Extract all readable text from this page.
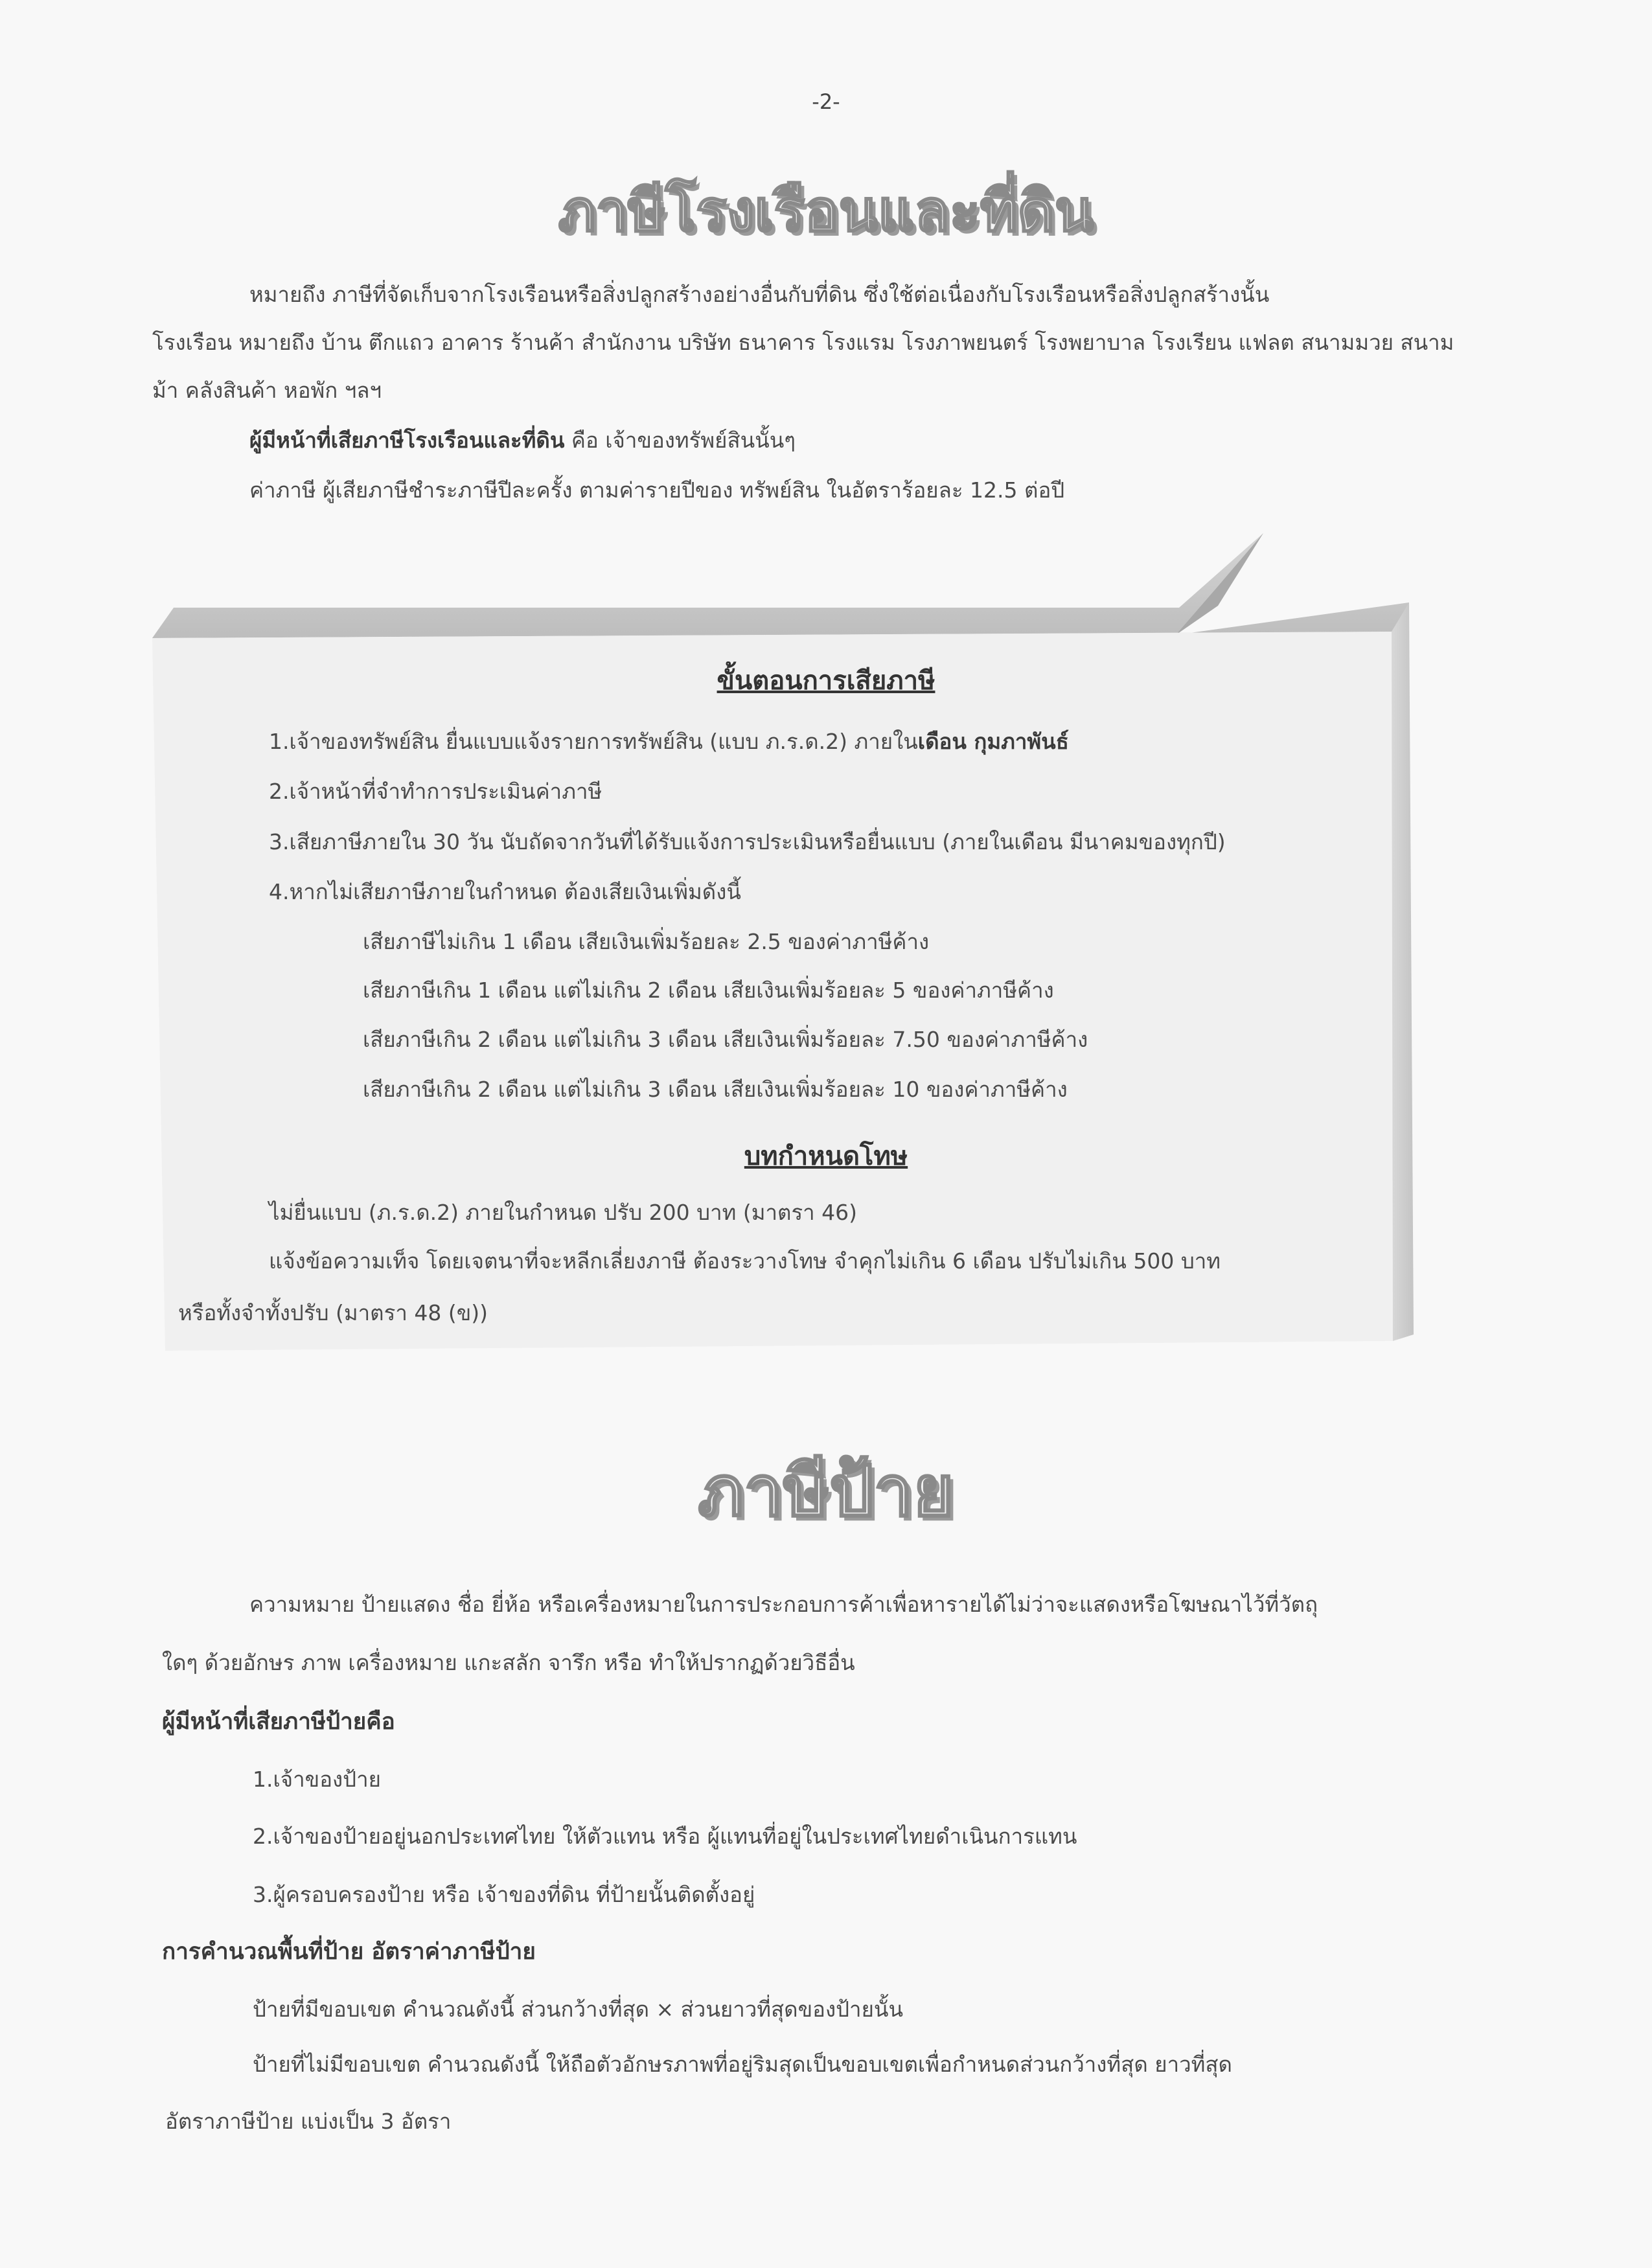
-2-
ภาษีโรงเรือนและที่ดิน
หมายถึง ภาษีที่จัดเก็บจากโรงเรือนหรือสิ่งปลูกสร้างอย่างอื่นกับที่ดิน ซึ่งใช้ต่อเนื่องกับโรงเรือนหรือสิ่งปลูกสร้างนั้น
โรงเรือน หมายถึง บ้าน ตึกแถว อาคาร ร้านค้า สำนักงาน บริษัท ธนาคาร โรงแรม โรงภาพยนตร์ โรงพยาบาล โรงเรียน แฟลต สนามมวย สนาม
ม้า คลังสินค้า หอพัก ฯลฯ
ผู้มีหน้าที่เสียภาษีโรงเรือนและที่ดิน คือ เจ้าของทรัพย์สินนั้นๆ
ค่าภาษี ผู้เสียภาษีชำระภาษีปีละครั้ง ตามค่ารายปีของ ทรัพย์สิน ในอัตราร้อยละ 12.5 ต่อปี
ขั้นตอนการเสียภาษี
1.เจ้าของทรัพย์สิน ยื่นแบบแจ้งรายการทรัพย์สิน (แบบ ภ.ร.ด.2) ภายในเดือน กุมภาพันธ์
2.เจ้าหน้าที่จำทำการประเมินค่าภาษี
3.เสียภาษีภายใน 30 วัน นับถัดจากวันที่ได้รับแจ้งการประเมินหรือยื่นแบบ (ภายในเดือน มีนาคมของทุกปี)
4.หากไม่เสียภาษีภายในกำหนด ต้องเสียเงินเพิ่มดังนี้
เสียภาษีไม่เกิน 1 เดือน เสียเงินเพิ่มร้อยละ 2.5 ของค่าภาษีค้าง
เสียภาษีเกิน 1 เดือน แต่ไม่เกิน 2 เดือน เสียเงินเพิ่มร้อยละ 5 ของค่าภาษีค้าง
เสียภาษีเกิน 2 เดือน แต่ไม่เกิน 3 เดือน เสียเงินเพิ่มร้อยละ 7.50 ของค่าภาษีค้าง
เสียภาษีเกิน 2 เดือน แต่ไม่เกิน 3 เดือน เสียเงินเพิ่มร้อยละ 10 ของค่าภาษีค้าง
บทกำหนดโทษ
ไม่ยื่นแบบ (ภ.ร.ด.2) ภายในกำหนด ปรับ 200 บาท (มาตรา 46)
แจ้งข้อความเท็จ โดยเจตนาที่จะหลีกเลี่ยงภาษี ต้องระวางโทษ จำคุกไม่เกิน 6 เดือน ปรับไม่เกิน 500 บาท
หรือทั้งจำทั้งปรับ (มาตรา 48 (ข))
ภาษีป้าย
ความหมาย ป้ายแสดง ชื่อ ยี่ห้อ หรือเครื่องหมายในการประกอบการค้าเพื่อหารายได้ไม่ว่าจะแสดงหรือโฆษณาไว้ที่วัตถุ
ใดๆ ด้วยอักษร ภาพ เครื่องหมาย แกะสลัก จารึก หรือ ทำให้ปรากฏด้วยวิธีอื่น
ผู้มีหน้าที่เสียภาษีป้ายคือ
1.เจ้าของป้าย
2.เจ้าของป้ายอยู่นอกประเทศไทย ให้ตัวแทน หรือ ผู้แทนที่อยู่ในประเทศไทยดำเนินการแทน
3.ผู้ครอบครองป้าย หรือ เจ้าของที่ดิน ที่ป้ายนั้นติดตั้งอยู่
การคำนวณพื้นที่ป้าย อัตราค่าภาษีป้าย
ป้ายที่มีขอบเขต คำนวณดังนี้ ส่วนกว้างที่สุด × ส่วนยาวที่สุดของป้ายนั้น
ป้ายที่ไม่มีขอบเขต คำนวณดังนี้ ให้ถือตัวอักษรภาพที่อยู่ริมสุดเป็นขอบเขตเพื่อกำหนดส่วนกว้างที่สุด ยาวที่สุด
อัตราภาษีป้าย แบ่งเป็น 3 อัตรา
